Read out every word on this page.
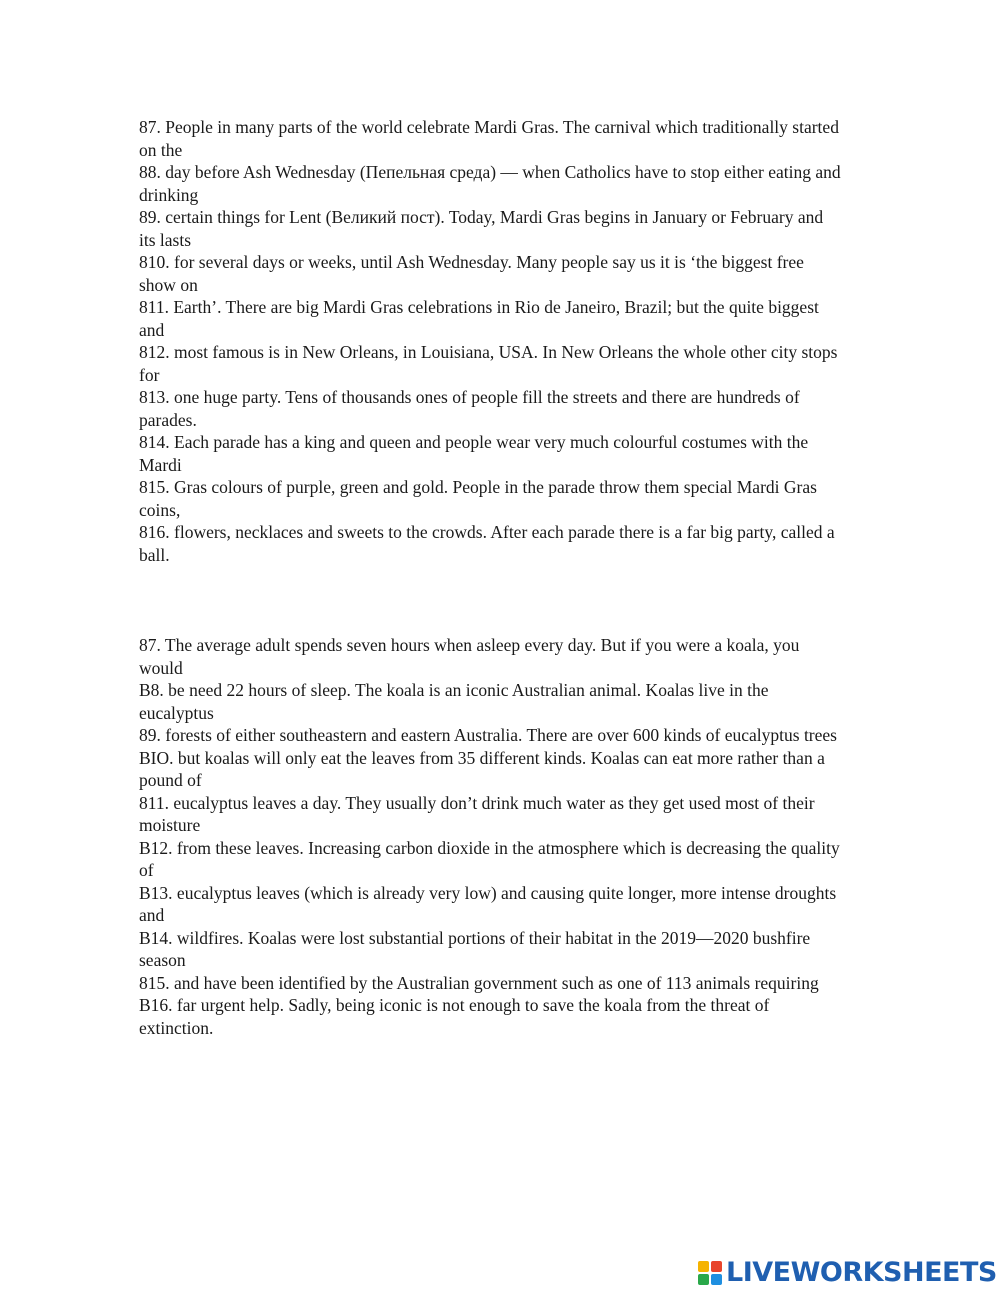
87. People in many parts of the world celebrate Mardi Gras. The carnival which traditionally started

on the

88. day before Ash Wednesday (Пепельная среда) — when Catholics have to stop either eating and

drinking

89. certain things for Lent (Великий пост). Today, Mardi Gras begins in January or February and

its lasts

810. for several days or weeks, until Ash Wednesday. Many people say us it is ‘the biggest free

show on

811. Earth’. There are big Mardi Gras celebrations in Rio de Janeiro, Brazil; but the quite biggest

and

812. most famous is in New Orleans, in Louisiana, USA. In New Orleans the whole other city stops

for

813. one huge party. Tens of thousands ones of people fill the streets and there are hundreds of

parades.

814. Each parade has a king and queen and people wear very much colourful costumes with the

Mardi

815. Gras colours of purple, green and gold. People in the parade throw them special Mardi Gras

coins,

816. flowers, necklaces and sweets to the crowds. After each parade there is a far big party, called a

ball.

87. The average adult spends seven hours when asleep every day. But if you were a koala, you

would

B8. be need 22 hours of sleep. The koala is an iconic Australian animal. Koalas live in the

eucalyptus

89. forests of either southeastern and eastern Australia. There are over 600 kinds of eucalyptus trees

BIO. but koalas will only eat the leaves from 35 different kinds. Koalas can eat more rather than a

pound of

811. eucalyptus leaves a day. They usually don’t drink much water as they get used most of their

moisture

B12. from these leaves. Increasing carbon dioxide in the atmosphere which is decreasing the quality

of

B13. eucalyptus leaves (which is already very low) and causing quite longer, more intense droughts

and

B14. wildfires. Koalas were lost substantial portions of their habitat in the 2019—2020 bushfire

season

815. and have been identified by the Australian government such as one of 113 animals requiring

B16. far urgent help. Sadly, being iconic is not enough to save the koala from the threat of

extinction.

LIVEWORKSHEETS
